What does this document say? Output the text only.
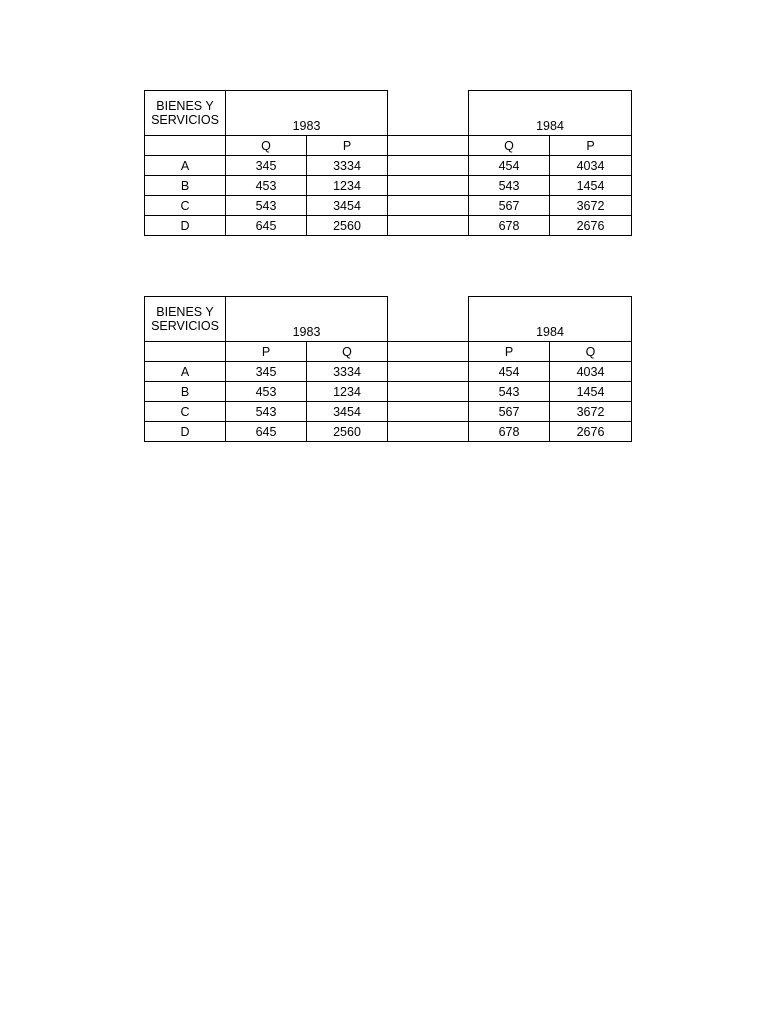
BIENES Y
SERVICIOS	1983			1984	
	Q	P		Q	P
A	345	3334		454	4034
B	453	1234		543	1454
C	543	3454		567	3672
D	645	2560		678	2676
BIENES Y
SERVICIOS	1983			1984	
	P	Q		P	Q
A	345	3334		454	4034
B	453	1234		543	1454
C	543	3454		567	3672
D	645	2560		678	2676
